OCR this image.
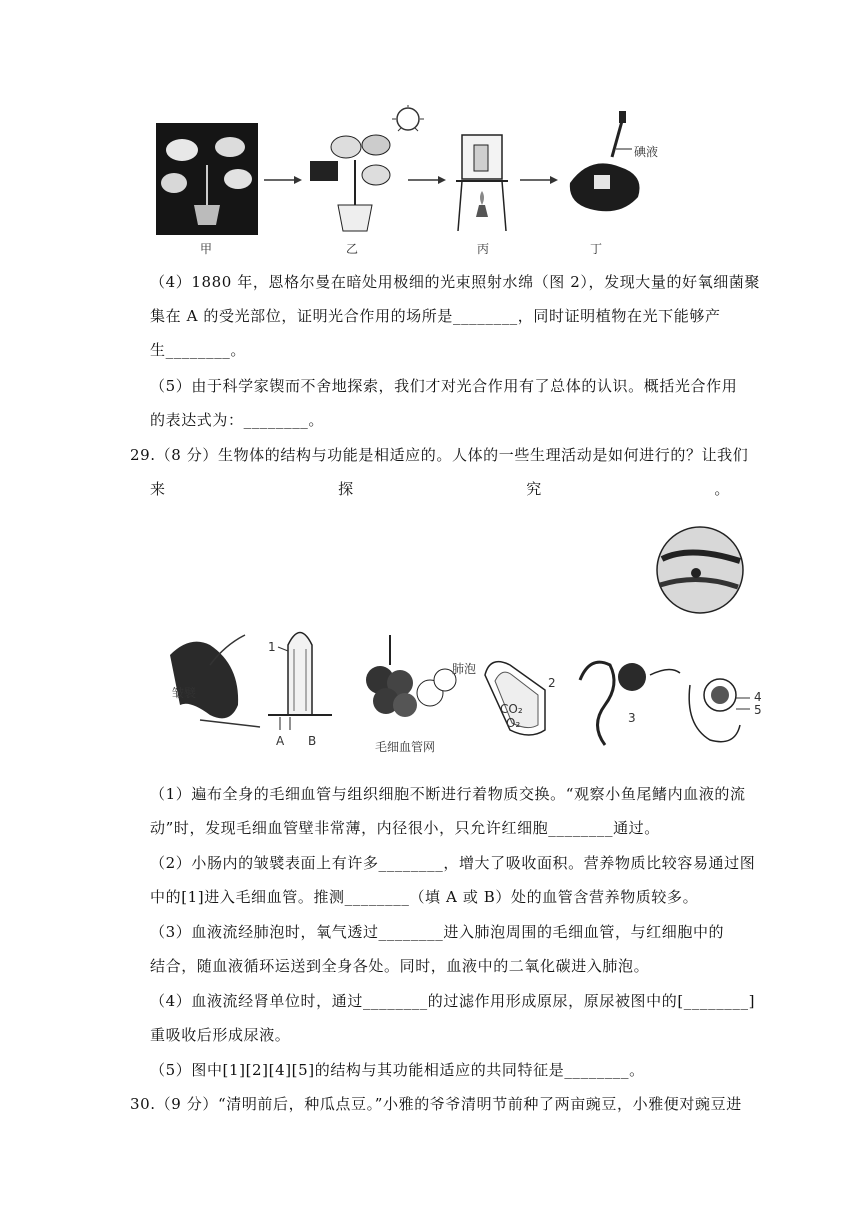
碘液
甲	乙	丙	丁
（4）1880 年，恩格尔曼在暗处用极细的光束照射水绵（图 2），发现大量的好氧细菌聚
集在 A 的受光部位，证明光合作用的场所是________，同时证明植物在光下能够产
生________。
（5）由于科学家锲而不舍地探索，我们才对光合作用有了总体的认识。概括光合作用
的表达式为：________。
29.（8 分）生物体的结构与功能是相适应的。人体的一些生理活动是如何进行的？让我们
来	探	究	。
皱襞
1
A B
肺泡
毛细血管网
2
CO₂
O₂	3
4
5
（1）遍布全身的毛细血管与组织细胞不断进行着物质交换。“观察小鱼尾鳍内血液的流
动”时，发现毛细血管壁非常薄，内径很小，只允许红细胞________通过。
（2）小肠内的皱襞表面上有许多________，增大了吸收面积。营养物质比较容易通过图
中的[1]进入毛细血管。推测________（填 A 或 B）处的血管含营养物质较多。
（3）血液流经肺泡时，氧气透过________进入肺泡周围的毛细血管，与红细胞中的
结合，随血液循环运送到全身各处。同时，血液中的二氧化碳进入肺泡。
（4）血液流经肾单位时，通过________的过滤作用形成原尿，原尿被图中的[________]
重吸收后形成尿液。
（5）图中[1][2][4][5]的结构与其功能相适应的共同特征是________。
30.（9 分）“清明前后，种瓜点豆。”小雅的爷爷清明节前种了两亩豌豆，小雅便对豌豆进
